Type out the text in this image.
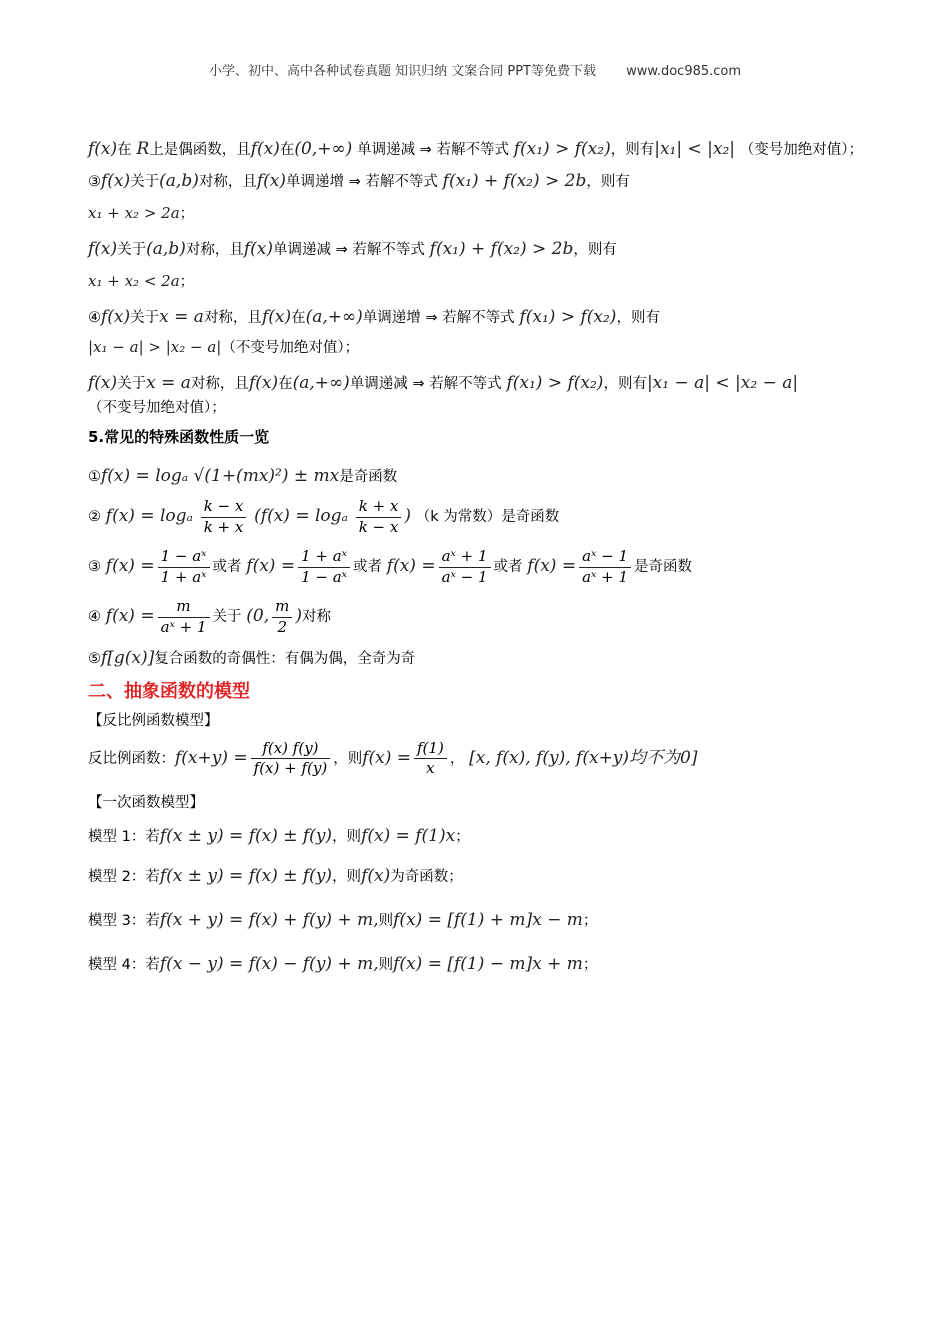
小学、初中、高中各种试卷真题 知识归纳 文案合同 PPT等免费下载 www.doc985.com
f(x)在 R上是偶函数，且f(x)在(0,+∞) 单调递减 ⇒ 若解不等式 f(x₁) > f(x₂)，则有|x₁| < |x₂| （变号加绝对值）；
③f(x)关于(a,b)对称，且f(x)单调递增 ⇒ 若解不等式 f(x₁) + f(x₂) > 2b，则有
x₁ + x₂ > 2a；
f(x)关于(a,b)对称，且f(x)单调递减 ⇒ 若解不等式 f(x₁) + f(x₂) > 2b，则有
x₁ + x₂ < 2a；
④f(x)关于x = a对称，且f(x)在(a,+∞)单调递增 ⇒ 若解不等式 f(x₁) > f(x₂)，则有
|x₁ − a| > |x₂ − a|（不变号加绝对值）；
f(x)关于x = a对称，且f(x)在(a,+∞)单调递减 ⇒ 若解不等式 f(x₁) > f(x₂)，则有|x₁ − a| < |x₂ − a|
（不变号加绝对值）；
5.常见的特殊函数性质一览
①f(x) = logₐ √(1+(mx)²) ± mx是奇函数
② f(x) = logₐ $\frac{k - x}{k + x} (f(x) = \log_a \frac{k + x}{k - x}$ ) （k 为常数）是奇函数
③ $f(x) = \frac{\text{1 − aˣ}}{\text{1 + aˣ}}$ 或者 $f(x) = \frac{\text{1 + aˣ}}{\text{1 − aˣ}}$ 或者 $f(x) = \frac{\text{aˣ + 1}}{\text{aˣ − 1}}$ 或者 $f(x) = \frac{\text{aˣ − 1}}{\text{aˣ + 1}}$ 是奇函数
④ $f(x) = \frac{m}{\text{aˣ + 1}}$ 关于 (0, $\frac{m}{2}$ )对称
⑤f[g(x)]复合函数的奇偶性：有偶为偶，全奇为奇
二、抽象函数的模型
【反比例函数模型】
反比例函数：$f(x+y) = \frac{f(x) f(y)}{f(x) + f(y)}$ ，则$f(x) = \frac{f(1)}{x}$ ， [x, f(x), f(y), f(x+y)均不为0]
【一次函数模型】
模型 1：若f(x ± y) = f(x) ± f(y)，则f(x) = f(1)x；
模型 2：若f(x ± y) = f(x) ± f(y)，则f(x)为奇函数；
模型 3：若f(x + y) = f(x) + f(y) + m,则f(x) = [f(1) + m]x − m；
模型 4：若f(x − y) = f(x) − f(y) + m,则f(x) = [f(1) − m]x + m；
